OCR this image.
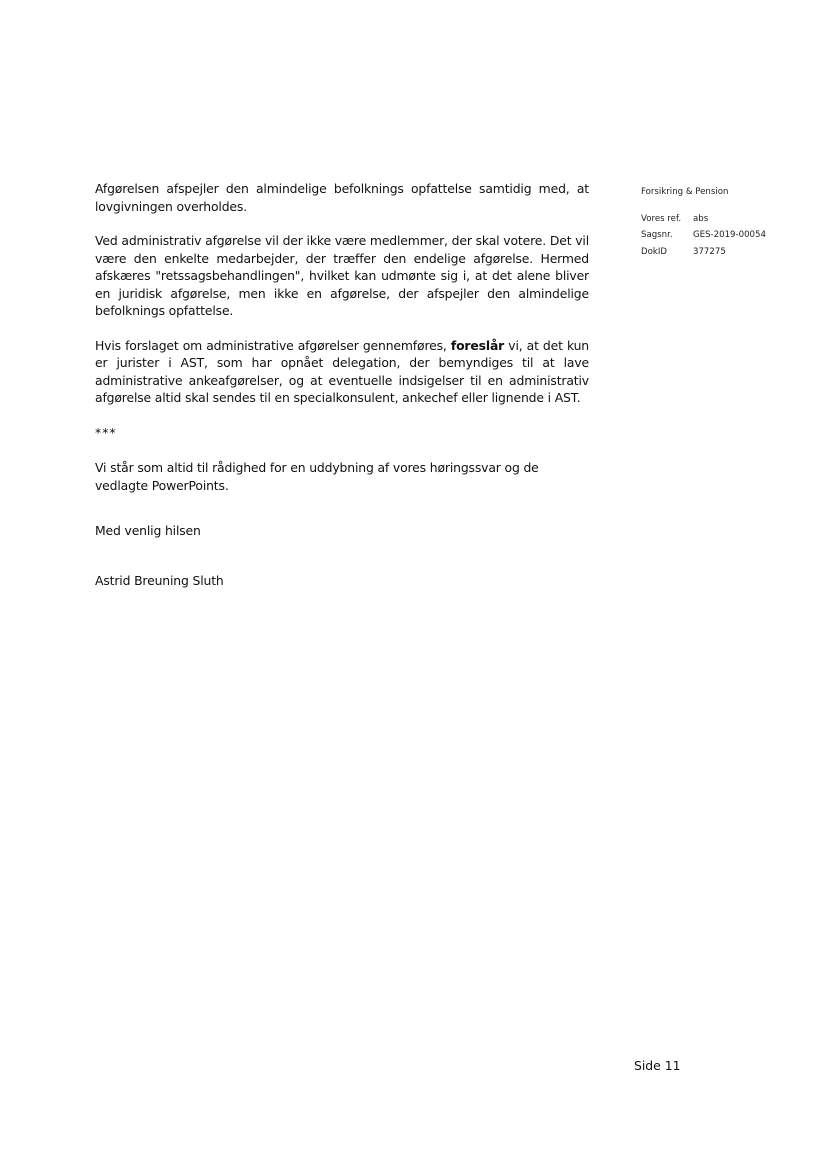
Afgørelsen afspejler den almindelige befolknings opfattelse samtidig med, at lovgivningen overholdes.

Ved administrativ afgørelse vil der ikke være medlemmer, der skal votere. Det vil være den enkelte medarbejder, der træffer den endelige afgørelse. Hermed afskæres "retssagsbehandlingen", hvilket kan udmønte sig i, at det alene bliver en juridisk afgørelse, men ikke en afgørelse, der afspejler den almindelige befolknings opfattelse.

Hvis forslaget om administrative afgørelser gennemføres, foreslår vi, at det kun er jurister i AST, som har opnået delegation, der bemyndiges til at lave administrative ankeafgørelser, og at eventuelle indsigelser til en administrativ afgørelse altid skal sendes til en specialkonsulent, ankechef eller lignende i AST.

***

Vi står som altid til rådighed for en uddybning af vores høringssvar og de vedlagte PowerPoints.

Med venlig hilsen

Astrid Breuning Sluth

Forsikring & Pension
Vores ref.	abs
Sagsnr.	GES-2019-00054
DokID	377275
Side 11
